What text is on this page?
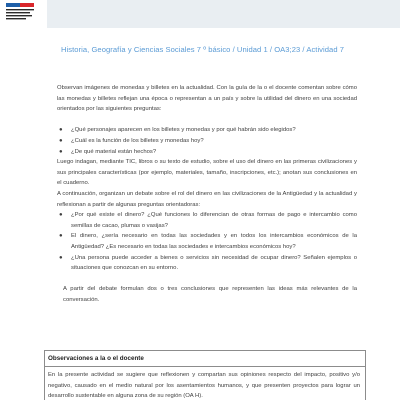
Historia, Geografía y Ciencias Sociales 7 º básico / Unidad 1 / OA3;23 / Actividad 7

Observan imágenes de monedas y billetes en la actualidad. Con la guía de la o el docente comentan sobre cómo las monedas y billetes reflejan una época o representan a un país y sobre la utilidad del dinero en una sociedad orientados por las siguientes preguntas:

● ¿Qué personajes aparecen en los billetes y monedas y por qué habrán sido elegidos?
● ¿Cuál es la función de los billetes y monedas hoy?
● ¿De qué material están hechos?

Luego indagan, mediante TIC, libros o su texto de estudio, sobre el uso del dinero en las primeras civilizaciones y sus principales características (por ejemplo, materiales, tamaño, inscripciones, etc.); anotan sus conclusiones en el cuaderno.

A continuación, organizan un debate sobre el rol del dinero en las civilizaciones de la Antigüedad y la actualidad y reflexionan a partir de algunas preguntas orientadoras:

● ¿Por qué existe el dinero? ¿Qué funciones lo diferencian de otras formas de pago e intercambio como semillas de cacao, plumas o vasijas?
● El dinero, ¿sería necesario en todas las sociedades y en todos los intercambios económicos de la Antigüedad? ¿Es necesario en todas las sociedades e intercambios económicos hoy?
● ¿Una persona puede acceder a bienes o servicios sin necesidad de ocupar dinero? Señalen ejemplos o situaciones que conozcan en su entorno.

A partir del debate formulan dos o tres conclusiones que representen las ideas más relevantes de la conversación.

Observaciones a la o el docente
En la presente actividad se sugiere que reflexionen y compartan sus opiniones respecto del impacto, positivo y/o negativo, causado en el medio natural por los asentamientos humanos, y que presenten proyectos para lograr un desarrollo sustentable en alguna zona de su región (OA H).
